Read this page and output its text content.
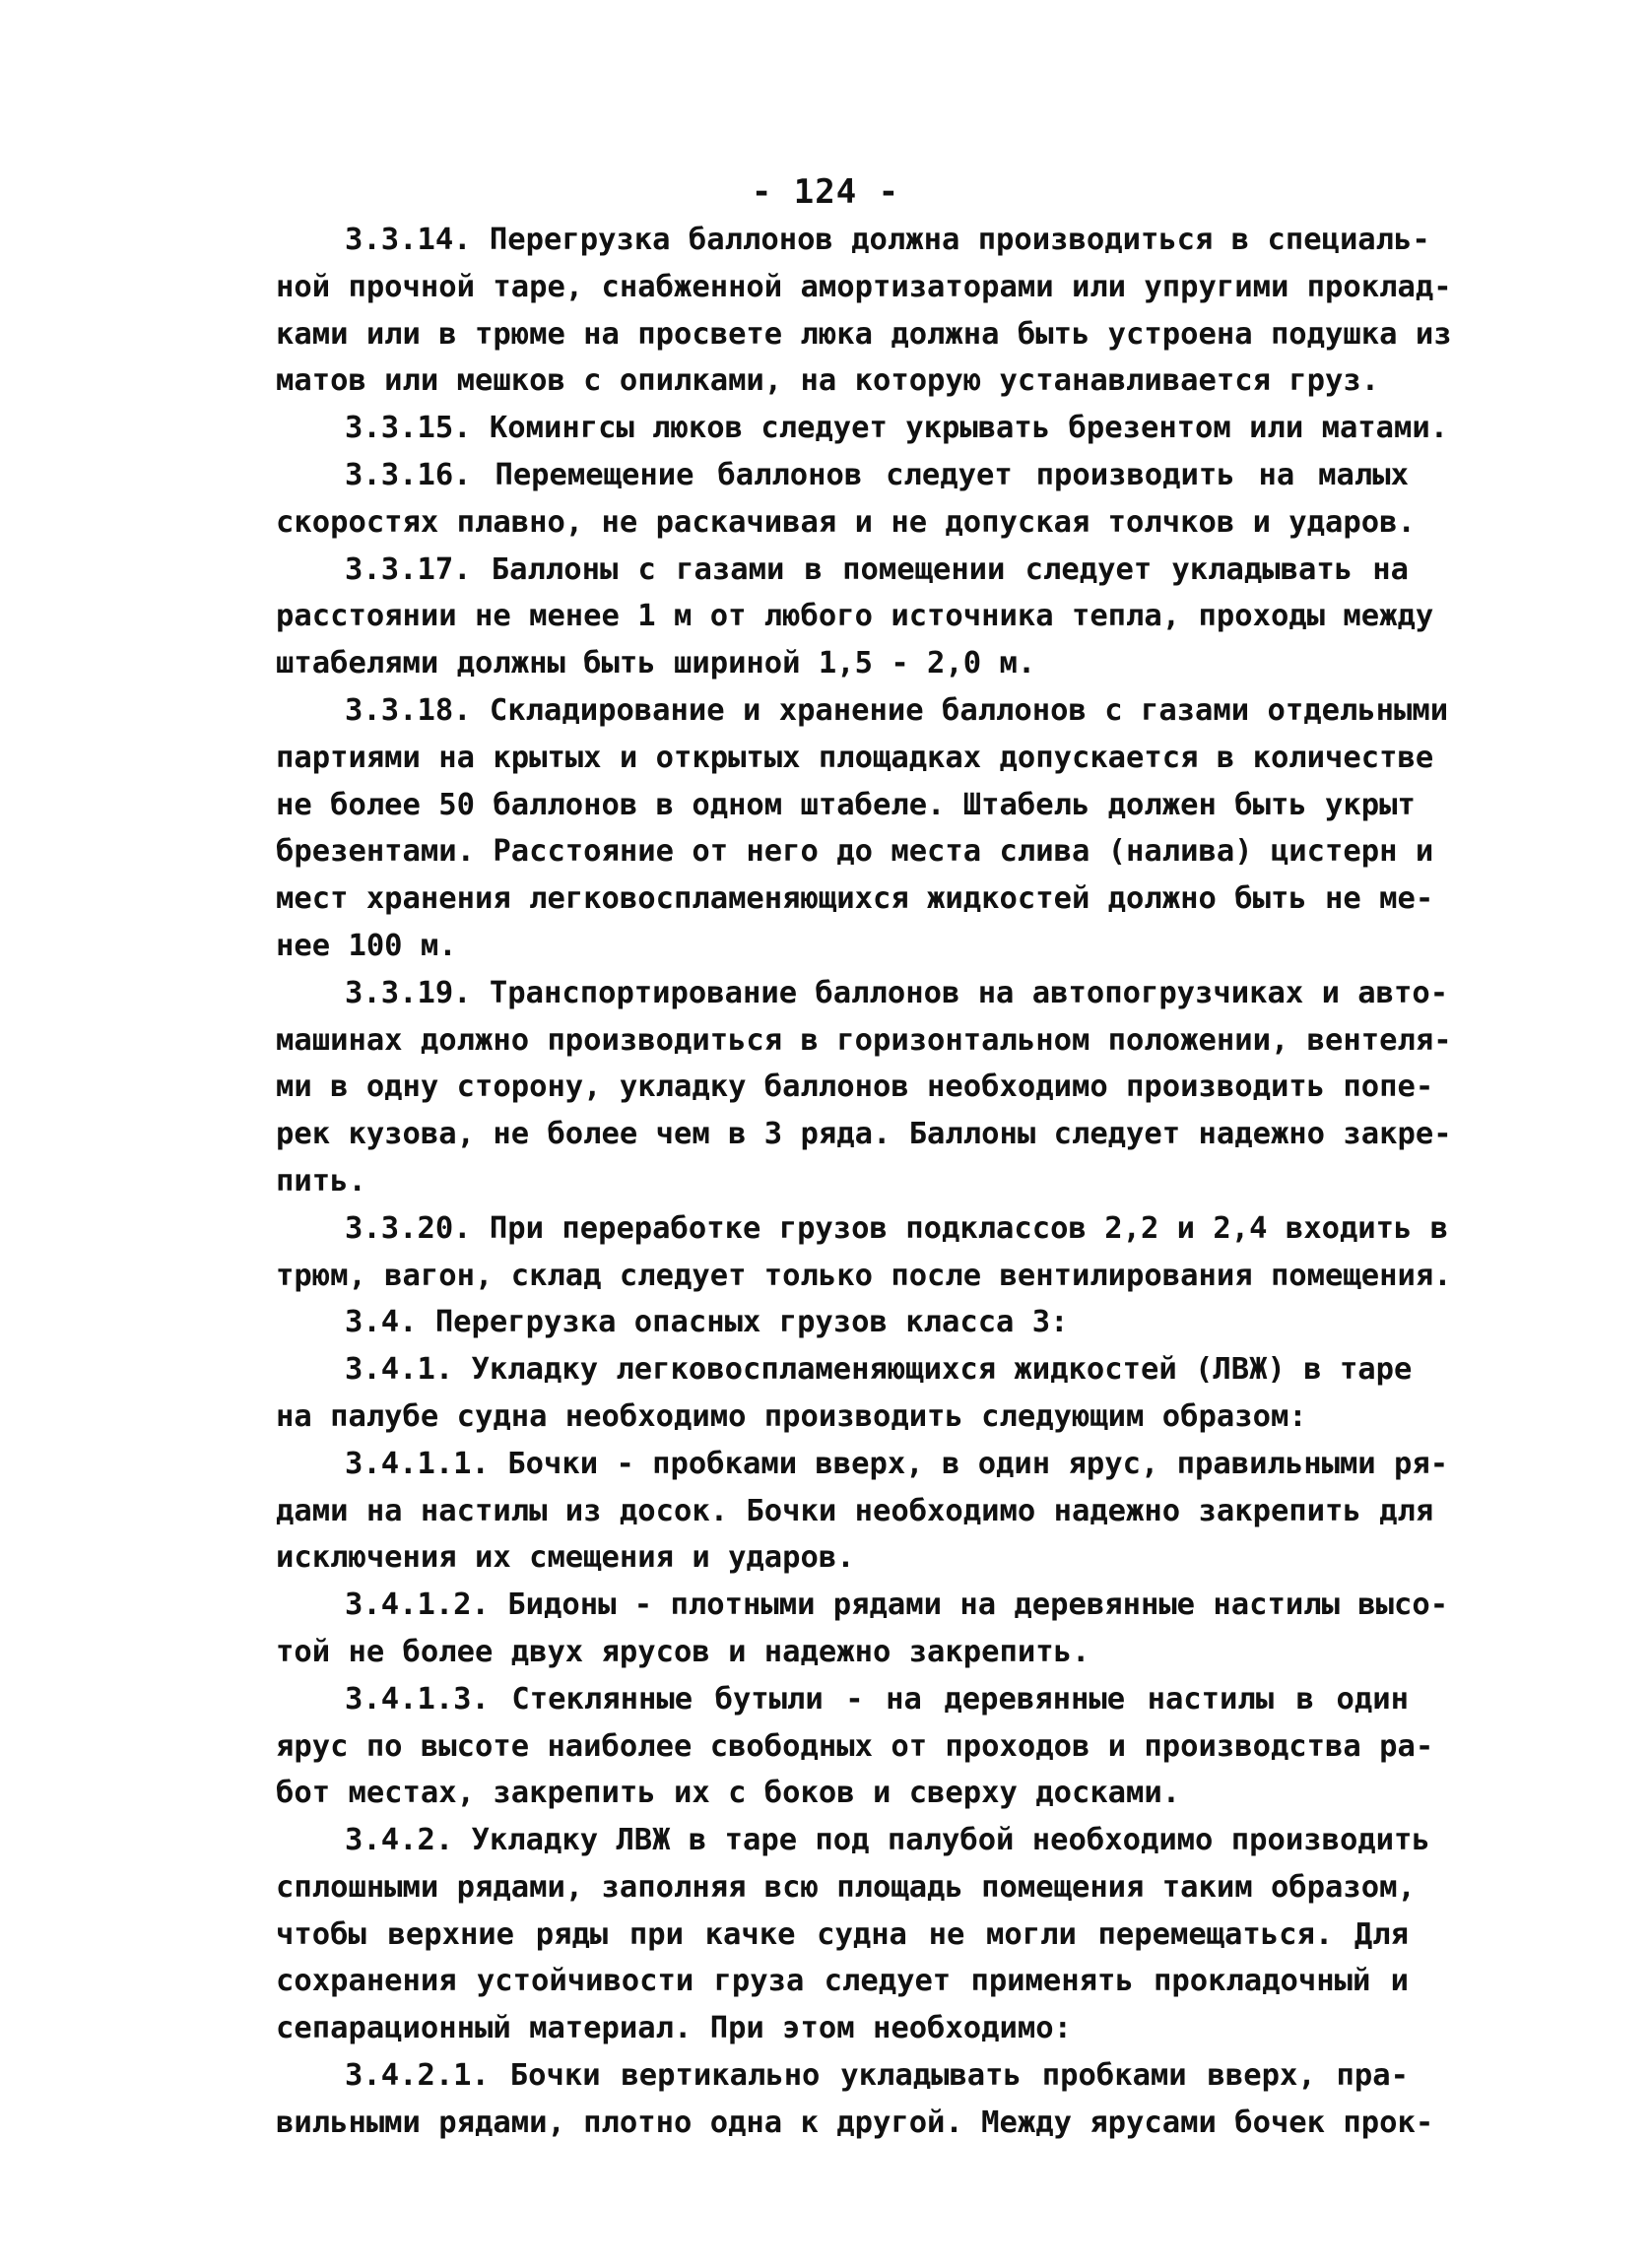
- 124 -
3.3.14. Перегрузка баллонов должна производиться в специаль-
ной прочной таре, снабженной амортизаторами или упругими проклад-
ками или в трюме на просвете люка должна быть устроена подушка из
матов или мешков с опилками, на которую устанавливается груз.
3.3.15. Комингсы люков следует укрывать брезентом или матами.
3.3.16. Перемещение баллонов следует производить на малых
скоростях плавно, не раскачивая и не допуская толчков и ударов.
3.3.17. Баллоны с газами в помещении следует укладывать на
расстоянии не менее 1 м от любого источника тепла, проходы между
штабелями должны быть шириной 1,5 - 2,0 м.
3.3.18. Складирование и хранение баллонов с газами отдельными
партиями на крытых и открытых площадках допускается в количестве
не более 50 баллонов в одном штабеле. Штабель должен быть укрыт
брезентами. Расстояние от него до места слива (налива) цистерн и
мест хранения легковоспламеняющихся жидкостей должно быть не ме-
нее 100 м.
3.3.19. Транспортирование баллонов на автопогрузчиках и авто-
машинах должно производиться в горизонтальном положении, вентеля-
ми в одну сторону, укладку баллонов необходимо производить попе-
рек кузова, не более чем в 3 ряда. Баллоны следует надежно закре-
пить.
3.3.20. При переработке грузов подклассов 2,2 и 2,4 входить в
трюм, вагон, склад следует только после вентилирования помещения.
3.4. Перегрузка опасных грузов класса 3:
3.4.1. Укладку легковоспламеняющихся жидкостей (ЛВЖ) в таре
на палубе судна необходимо производить следующим образом:
3.4.1.1. Бочки - пробками вверх, в один ярус, правильными ря-
дами на настилы из досок. Бочки необходимо надежно закрепить для
исключения их смещения и ударов.
3.4.1.2. Бидоны - плотными рядами на деревянные настилы высо-
той не более двух ярусов и надежно закрепить.
3.4.1.3. Стеклянные бутыли - на деревянные настилы в один
ярус по высоте наиболее свободных от проходов и производства ра-
бот местах, закрепить их с боков и сверху досками.
3.4.2. Укладку ЛВЖ в таре под палубой необходимо производить
сплошными рядами, заполняя всю площадь помещения таким образом,
чтобы верхние ряды при качке судна не могли перемещаться. Для
сохранения устойчивости груза следует применять прокладочный и
сепарационный материал. При этом необходимо:
3.4.2.1. Бочки вертикально укладывать пробками вверх, пра-
вильными рядами, плотно одна к другой. Между ярусами бочек прок-
